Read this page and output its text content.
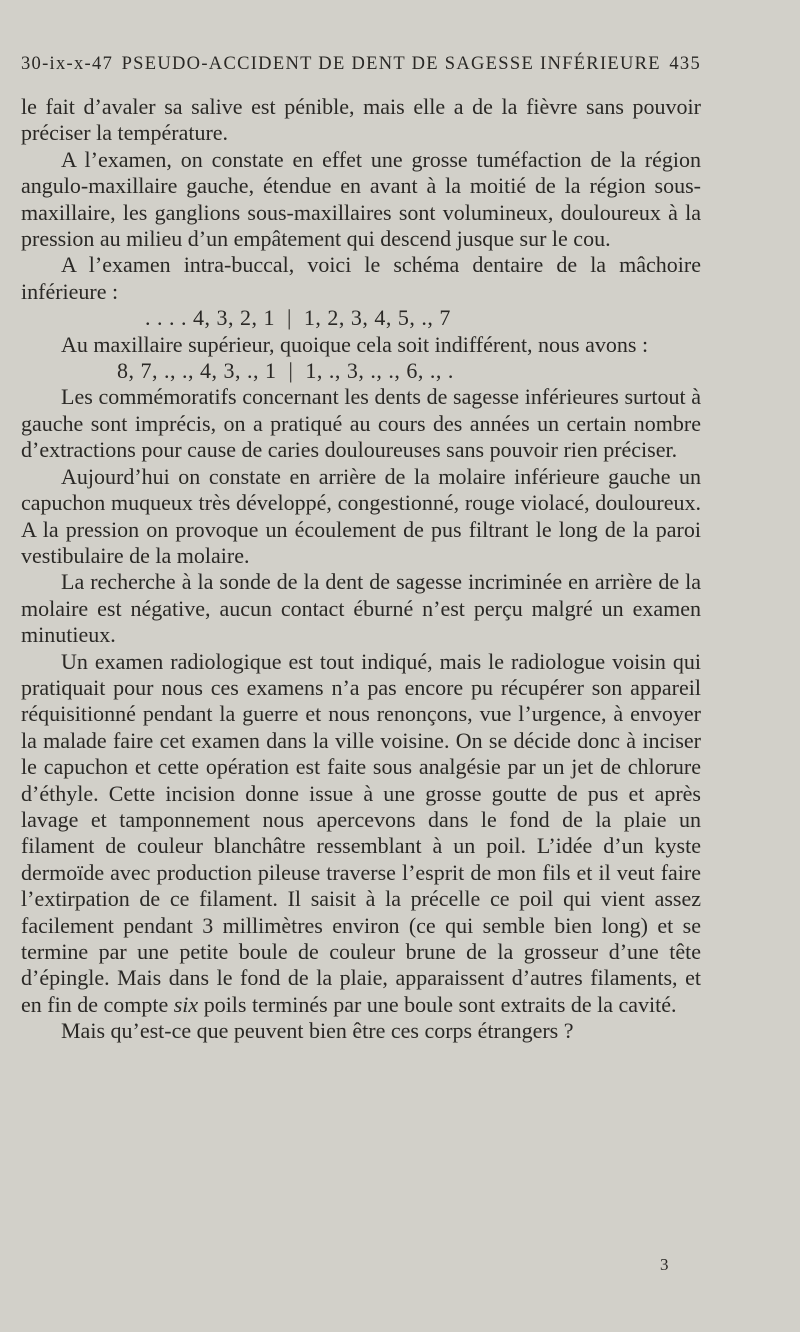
30-ix-x-47 PSEUDO-ACCIDENT DE DENT DE SAGESSE INFÉRIEURE 435

le fait d’avaler sa salive est pénible, mais elle a de la fièvre sans pouvoir préciser la température.

A l’examen, on constate en effet une grosse tuméfaction de la région angulo-maxillaire gauche, étendue en avant à la moitié de la région sous-maxillaire, les ganglions sous-maxillaires sont volumineux, douloureux à la pression au milieu d’un empâtement qui descend jusque sur le cou.

A l’examen intra-buccal, voici le schéma dentaire de la mâchoire inférieure :

. . . . 4, 3, 2, 1  |  1, 2, 3, 4, 5, ., 7

Au maxillaire supérieur, quoique cela soit indifférent, nous avons :

8, 7, ., ., 4, 3, ., 1  |  1, ., 3, ., ., 6, ., .

Les commémoratifs concernant les dents de sagesse inférieures surtout à gauche sont imprécis, on a pratiqué au cours des années un certain nombre d’extractions pour cause de caries douloureuses sans pouvoir rien préciser.

Aujourd’hui on constate en arrière de la molaire inférieure gauche un capuchon muqueux très développé, congestionné, rouge violacé, douloureux. A la pression on provoque un écoulement de pus filtrant le long de la paroi vestibulaire de la molaire.

La recherche à la sonde de la dent de sagesse incriminée en arrière de la molaire est négative, aucun contact éburné n’est perçu malgré un examen minutieux.

Un examen radiologique est tout indiqué, mais le radiologue voisin qui pratiquait pour nous ces examens n’a pas encore pu récupérer son appareil réquisitionné pendant la guerre et nous renonçons, vue l’urgence, à envoyer la malade faire cet examen dans la ville voisine. On se décide donc à inciser le capuchon et cette opération est faite sous analgésie par un jet de chlorure d’éthyle. Cette incision donne issue à une grosse goutte de pus et après lavage et tamponnement nous apercevons dans le fond de la plaie un filament de couleur blanchâtre ressemblant à un poil. L’idée d’un kyste dermoïde avec production pileuse traverse l’esprit de mon fils et il veut faire l’extirpation de ce filament. Il saisit à la précelle ce poil qui vient assez facilement pendant 3 millimètres environ (ce qui semble bien long) et se termine par une petite boule de couleur brune de la grosseur d’une tête d’épingle. Mais dans le fond de la plaie, apparaissent d’autres filaments, et en fin de compte six poils terminés par une boule sont extraits de la cavité.

Mais qu’est-ce que peuvent bien être ces corps étrangers ?

3
